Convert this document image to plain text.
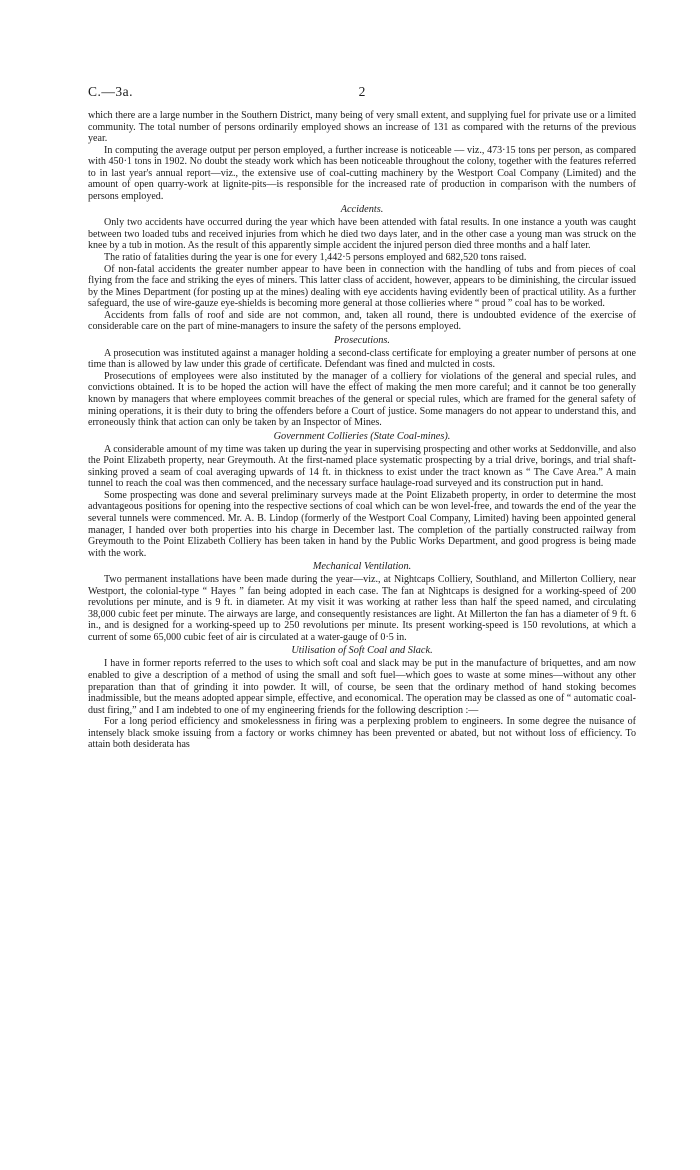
C.—3a.	2

which there are a large number in the Southern District, many being of very small extent, and supplying fuel for private use or a limited community. The total number of persons ordinarily employed shows an increase of 131 as compared with the returns of the previous year.

In computing the average output per person employed, a further increase is noticeable — viz., 473·15 tons per person, as compared with 450·1 tons in 1902. No doubt the steady work which has been noticeable throughout the colony, together with the features referred to in last year's annual report—viz., the extensive use of coal-cutting machinery by the Westport Coal Company (Limited) and the amount of open quarry-work at lignite-pits—is responsible for the increased rate of production in comparison with the numbers of persons employed.

Accidents.

Only two accidents have occurred during the year which have been attended with fatal results. In one instance a youth was caught between two loaded tubs and received injuries from which he died two days later, and in the other case a young man was struck on the knee by a tub in motion. As the result of this apparently simple accident the injured person died three months and a half later.

The ratio of fatalities during the year is one for every 1,442·5 persons employed and 682,520 tons raised.

Of non-fatal accidents the greater number appear to have been in connection with the handling of tubs and from pieces of coal flying from the face and striking the eyes of miners. This latter class of accident, however, appears to be diminishing, the circular issued by the Mines Department (for posting up at the mines) dealing with eye accidents having evidently been of practical utility. As a further safeguard, the use of wire-gauze eye-shields is becoming more general at those collieries where “ proud ” coal has to be worked.

Accidents from falls of roof and side are not common, and, taken all round, there is undoubted evidence of the exercise of considerable care on the part of mine-managers to insure the safety of the persons employed.

Prosecutions.

A prosecution was instituted against a manager holding a second-class certificate for employing a greater number of persons at one time than is allowed by law under this grade of certificate. Defendant was fined and mulcted in costs.

Prosecutions of employees were also instituted by the manager of a colliery for violations of the general and special rules, and convictions obtained. It is to be hoped the action will have the effect of making the men more careful; and it cannot be too generally known by managers that where employees commit breaches of the general or special rules, which are framed for the general safety of mining operations, it is their duty to bring the offenders before a Court of justice. Some managers do not appear to understand this, and erroneously think that action can only be taken by an Inspector of Mines.

Government Collieries (State Coal-mines).

A considerable amount of my time was taken up during the year in supervising prospecting and other works at Seddonville, and also the Point Elizabeth property, near Greymouth. At the first-named place systematic prospecting by a trial drive, borings, and trial shaft-sinking proved a seam of coal averaging upwards of 14 ft. in thickness to exist under the tract known as “ The Cave Area.” A main tunnel to reach the coal was then commenced, and the necessary surface haulage-road surveyed and its construction put in hand.

Some prospecting was done and several preliminary surveys made at the Point Elizabeth property, in order to determine the most advantageous positions for opening into the respective sections of coal which can be won level-free, and towards the end of the year the several tunnels were commenced. Mr. A. B. Lindop (formerly of the Westport Coal Company, Limited) having been appointed general manager, I handed over both properties into his charge in December last. The completion of the partially constructed railway from Greymouth to the Point Elizabeth Colliery has been taken in hand by the Public Works Department, and good progress is being made with the work.

Mechanical Ventilation.

Two permanent installations have been made during the year—viz., at Nightcaps Colliery, Southland, and Millerton Colliery, near Westport, the colonial-type “ Hayes ” fan being adopted in each case. The fan at Nightcaps is designed for a working-speed of 200 revolutions per minute, and is 9 ft. in diameter. At my visit it was working at rather less than half the speed named, and circulating 38,000 cubic feet per minute. The airways are large, and consequently resistances are light. At Millerton the fan has a diameter of 9 ft. 6 in., and is designed for a working-speed up to 250 revolutions per minute. Its present working-speed is 150 revolutions, at which a current of some 65,000 cubic feet of air is circulated at a water-gauge of 0·5 in.

Utilisation of Soft Coal and Slack.

I have in former reports referred to the uses to which soft coal and slack may be put in the manufacture of briquettes, and am now enabled to give a description of a method of using the small and soft fuel—which goes to waste at some mines—without any other preparation than that of grinding it into powder. It will, of course, be seen that the ordinary method of hand stoking becomes inadmissible, but the means adopted appear simple, effective, and economical. The operation may be classed as one of “ automatic coal-dust firing,” and I am indebted to one of my engineering friends for the following description :—

For a long period efficiency and smokelessness in firing was a perplexing problem to engineers. In some degree the nuisance of intensely black smoke issuing from a factory or works chimney has been prevented or abated, but not without loss of efficiency. To attain both desiderata has
